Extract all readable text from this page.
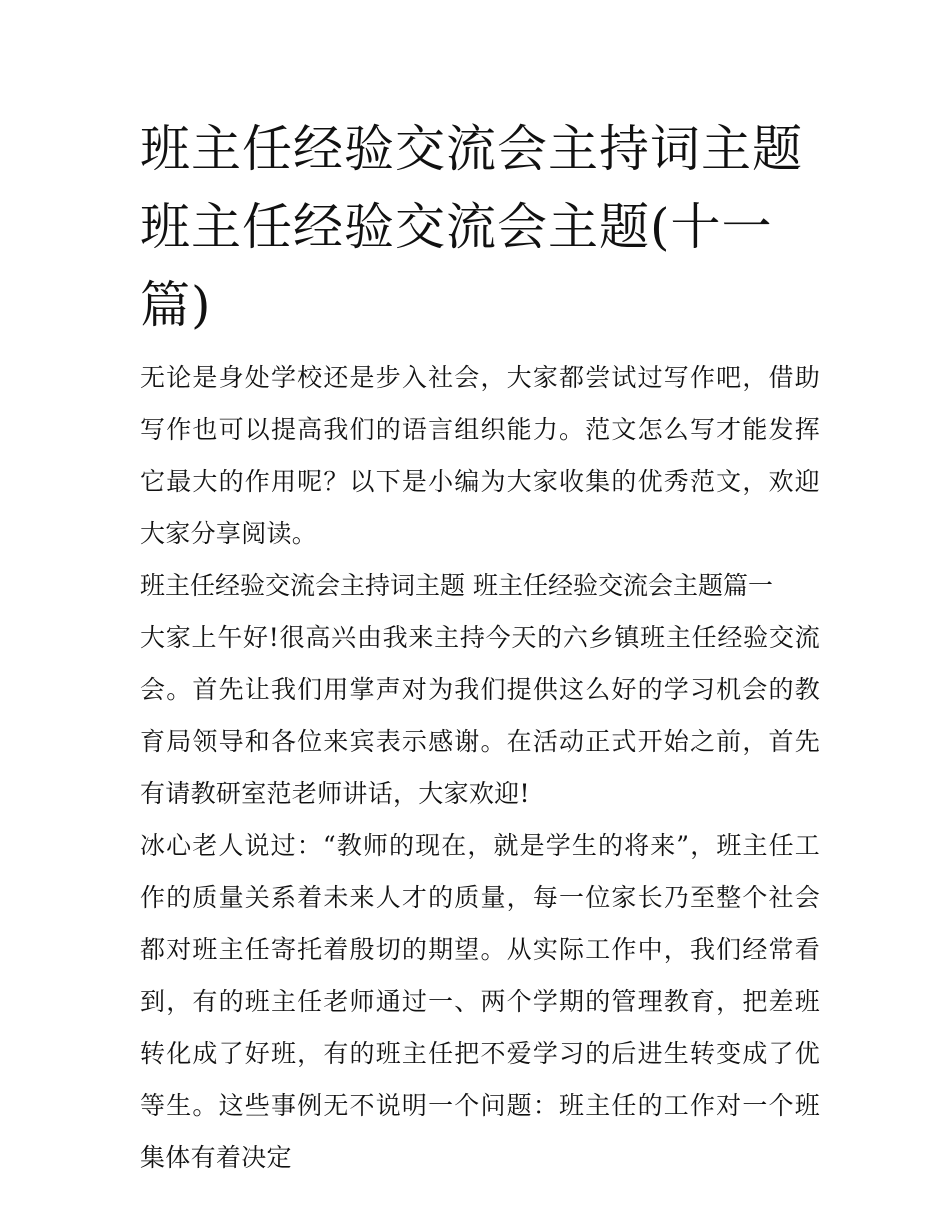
班主任经验交流会主持词主题
班主任经验交流会主题(十一
篇)

无论是身处学校还是步入社会，大家都尝试过写作吧，借助写作也可以提高我们的语言组织能力。范文怎么写才能发挥它最大的作用呢？以下是小编为大家收集的优秀范文，欢迎大家分享阅读。

班主任经验交流会主持词主题 班主任经验交流会主题篇一

大家上午好!很高兴由我来主持今天的六乡镇班主任经验交流会。首先让我们用掌声对为我们提供这么好的学习机会的教育局领导和各位来宾表示感谢。在活动正式开始之前，首先有请教研室范老师讲话，大家欢迎!

冰心老人说过：“教师的现在，就是学生的将来”，班主任工作的质量关系着未来人才的质量，每一位家长乃至整个社会都对班主任寄托着殷切的期望。从实际工作中，我们经常看到，有的班主任老师通过一、两个学期的管理教育，把差班转化成了好班，有的班主任把不爱学习的后进生转变成了优等生。这些事例无不说明一个问题：班主任的工作对一个班集体有着决定
